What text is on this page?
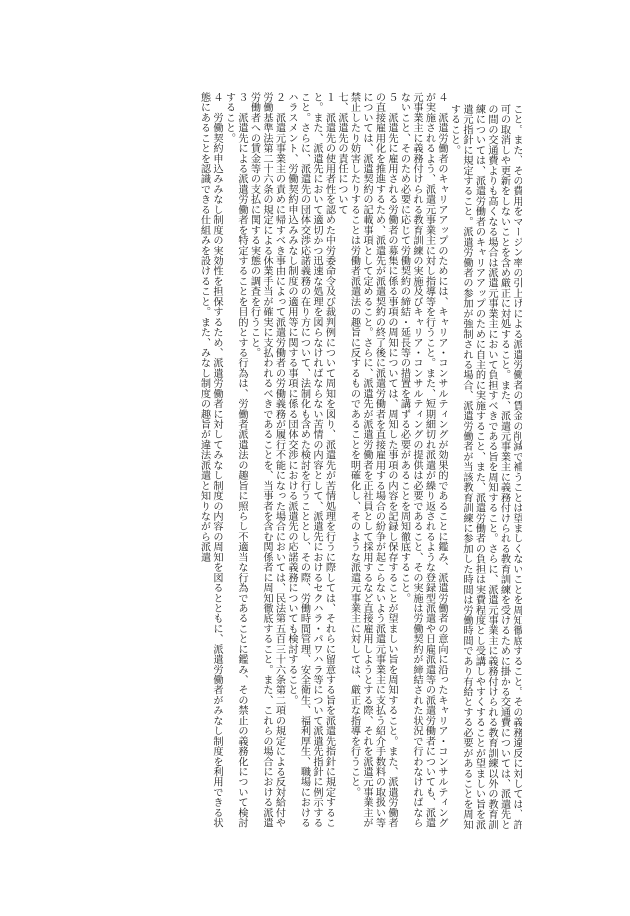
こと。また、その費用をマージン率の引上げによる派遣労働者の賃金の削減で補うことは望ましくないことを周知徹底すること。その義務違反に対しては、許可の取消しや更新をしないことを含め厳正に対処すること。また、派遣元事業主に義務付けられる教育訓練を受けるために掛かる交通費については、派遣先との間の交通費よりも高くなる場合は派遣元事業主において負担すべきである旨を周知すること。さらに、派遣元事業主に義務付けられる教育訓練以外の教育訓練については、派遣労働者のキャリアアップのために自主的に実施すること、また、派遣労働者の負担は実費程度とし受講しやすくすることが望ましい旨を派遣元指針に規定すること。派遣労働者の参加が強制される場合、派遣労働者が当該教育訓練に参加した時間は労働時間であり有給とする必要があることを周知すること。

４　派遣労働者のキャリアアップのためには、キャリア・コンサルティングが効果的であることに鑑み、派遣労働者の意向に沿ったキャリア・コンサルティングが実施されるよう、派遣元事業主に対し指導等を行うこと。また、短期細切れ派遣が繰り返されるような登録型派遣や日雇派遣等の派遣労働者についても、派遣元事業主に義務付けられる教育訓練の実施及びキャリア・コンサルティングの提供は必要であること、その実施は労働契約が締結された状況で行わなければならないこと、そのため必要に応じて労働契約の締結・延長等の措置を講ずる必要があることを周知徹底すること。

５　派遣先に雇用される労働者の募集に係る事項の周知については、周知した事項の内容を記録し保存することが望ましい旨を周知すること。また、派遣労働者の直接雇用化を推進するため、派遣先が派遣契約の終了後に派遣労働者を直接雇用する場合の紛争が起こらないよう派遣元事業主に支払う紹介手数料の取扱い等については、派遣契約の記載事項として定めること。さらに、派遣先が派遣労働者を正社員として採用するなど直接雇用しようとする際、それを派遣元事業主が禁止したり妨害したりすることは労働者派遣法の趣旨に反するものであることを明確化し、そのような派遣元事業主に対しては、厳正な指導を行うこと。

七、派遣先の責任について

１　派遣先の使用者性を認めた中労委命令及び裁判例について周知を図り、派遣先が苦情処理を行うに際しては、それらに留意する旨を派遣先指針に規定すること。また、派遣先において適切かつ迅速な処理を図らなければならない苦情の内容として、派遣先におけるセクハラ・パワハラ等について派遣先指針に例示すること。さらに、派遣先の団体交渉応諾義務の在り方について、法制化も含めた検討を行うこととし、その際、労働時間管理、安全衛生、福利厚生、職場におけるハラスメント、労働契約申込みみなし制度の適用等に関する事項に係る団体交渉における派遣先の応諾義務についても検討すること。

２　派遣元事業主の責めに帰すべき事由によって派遣労働者の労働義務が履行不能になった場合においては、民法第五百三十六条第二項の規定による反対給付や労働基準法第二十六条の規定による休業手当が確実に支払われるべきであることを、当事者を含む関係者に周知徹底すること。また、これらの場合における派遣労働者への賃金等の支払に関する実態の調査を行うこと。

３　派遣先による派遣労働者を特定することを目的とする行為は、労働者派遣法の趣旨に照らし不適当な行為であることに鑑み、その禁止の義務化について検討すること。

４　労働契約申込みみなし制度の実効性を担保するため、派遣労働者に対してみなし制度の内容の周知を図るとともに、派遣労働者がみなし制度を利用できる状態にあることを認識できる仕組みを設けること。また、みなし制度の趣旨が違法派遣と知りながら派遣
